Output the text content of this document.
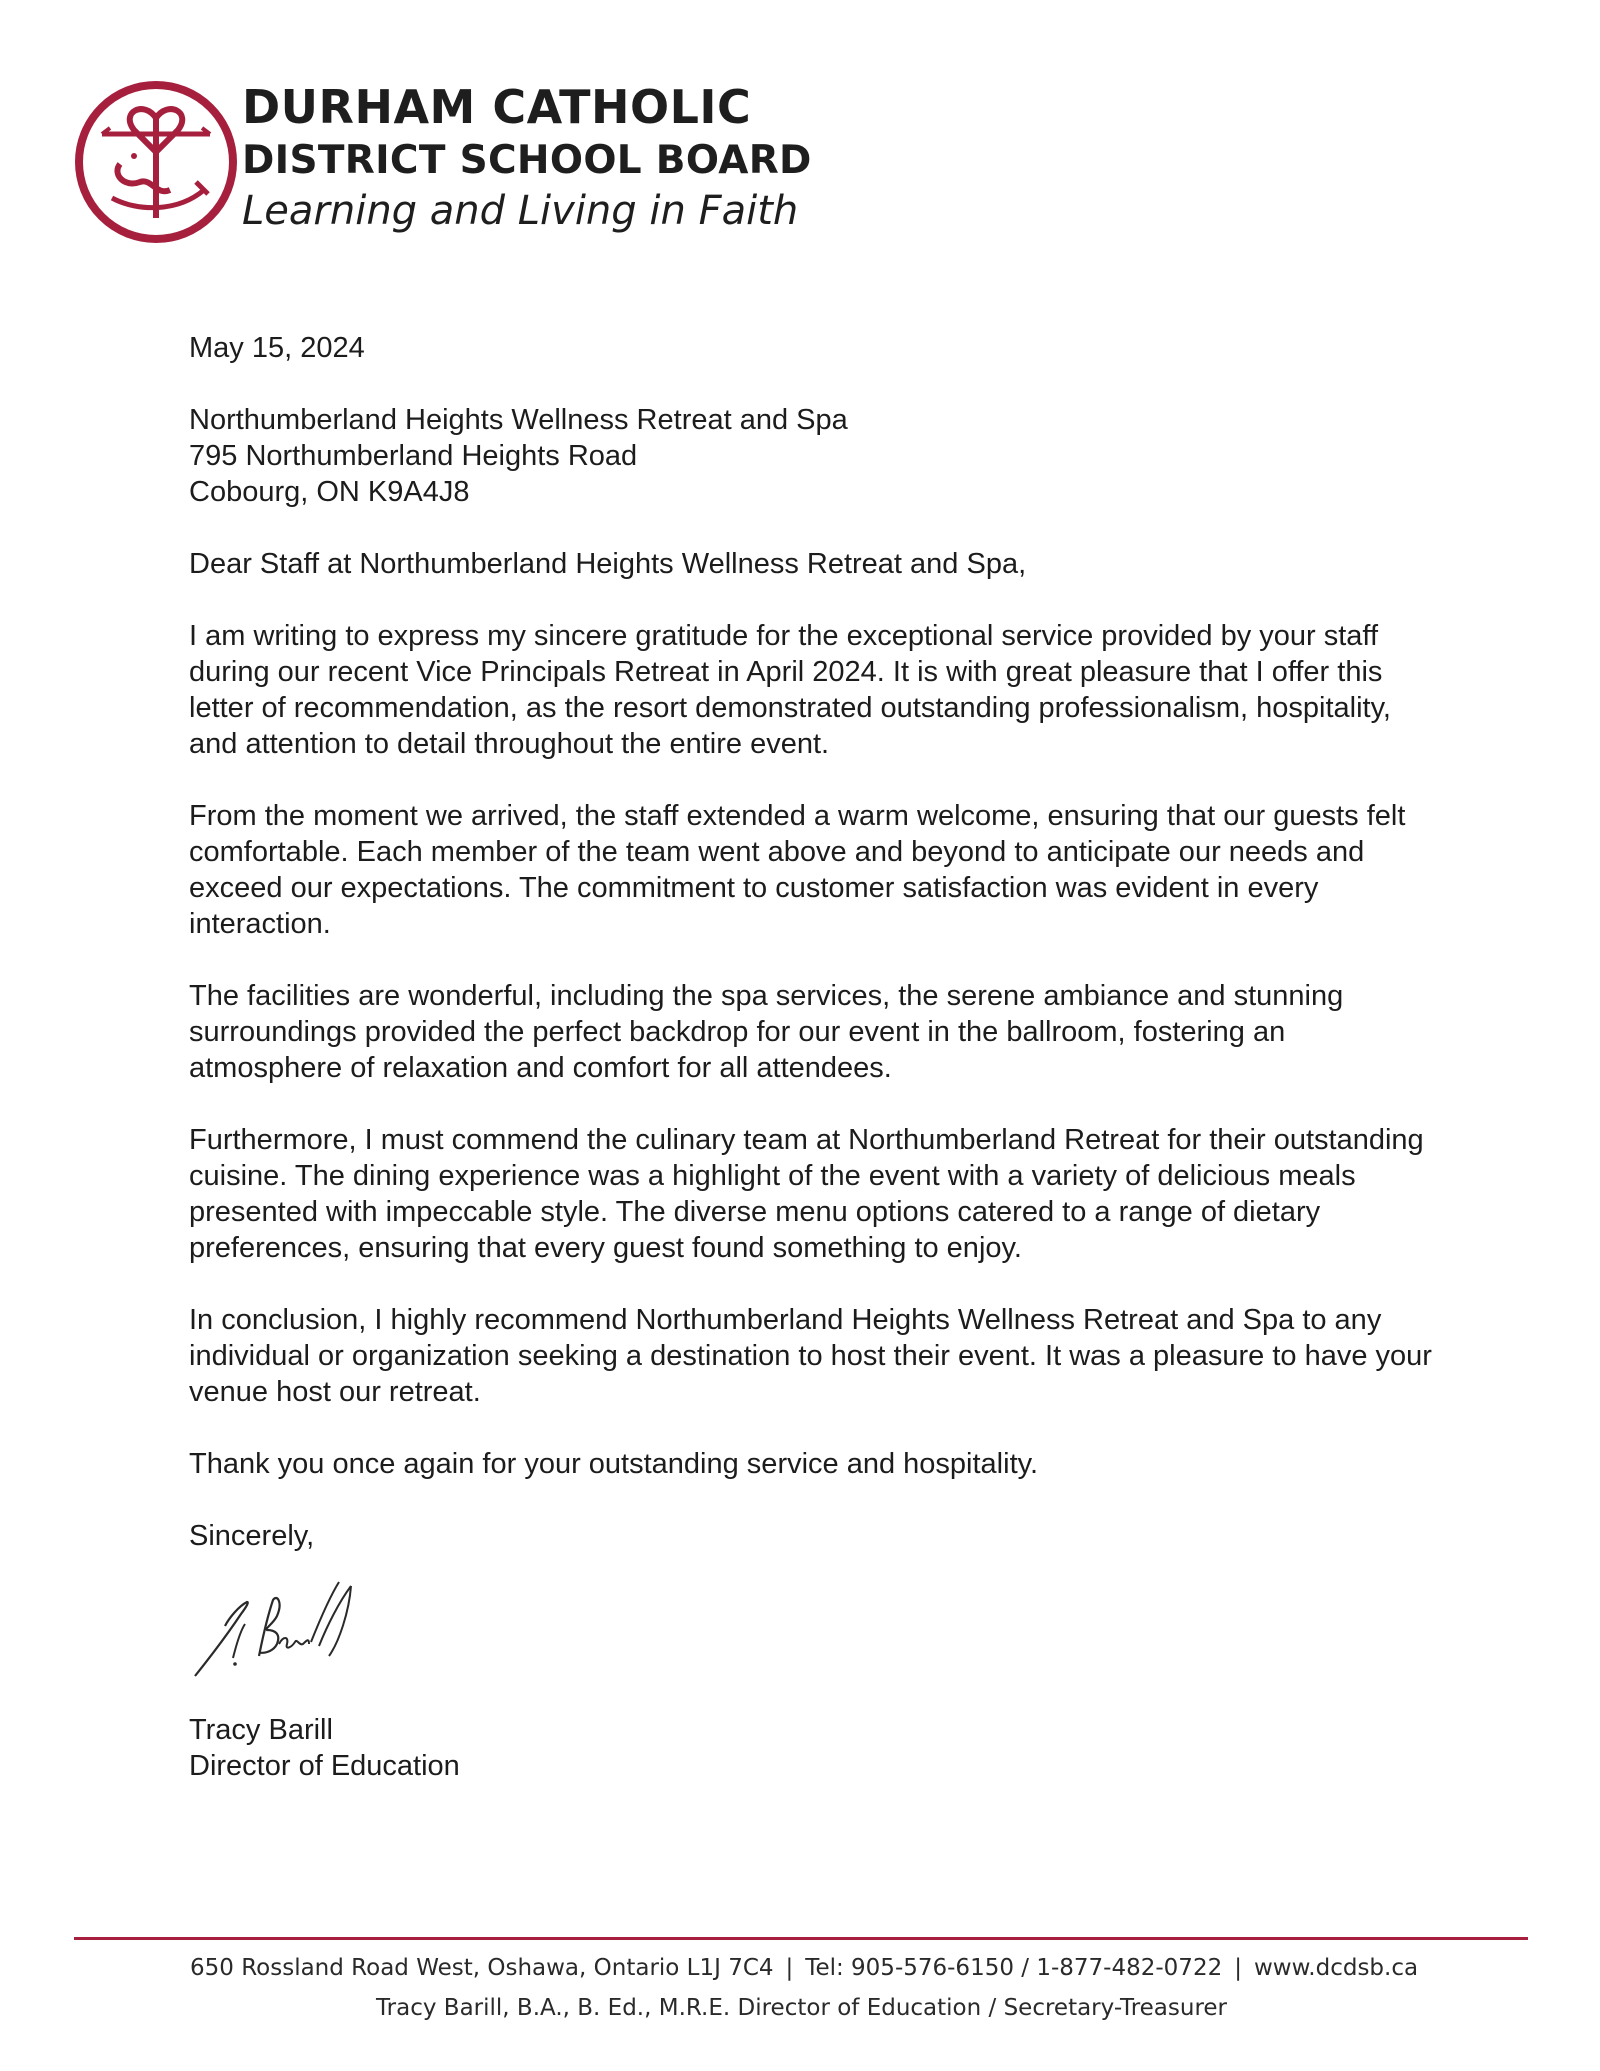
DURHAM CATHOLIC
DISTRICT SCHOOL BOARD
Learning and Living in Faith

May 15, 2024

Northumberland Heights Wellness Retreat and Spa

795 Northumberland Heights Road

Cobourg, ON K9A4J8

Dear Staff at Northumberland Heights Wellness Retreat and Spa,

I am writing to express my sincere gratitude for the exceptional service provided by your staff during our recent Vice Principals Retreat in April 2024. It is with great pleasure that I offer this letter of recommendation, as the resort demonstrated outstanding professionalism, hospitality, and attention to detail throughout the entire event.

From the moment we arrived, the staff extended a warm welcome, ensuring that our guests felt comfortable. Each member of the team went above and beyond to anticipate our needs and exceed our expectations. The commitment to customer satisfaction was evident in every interaction.

The facilities are wonderful, including the spa services, the serene ambiance and stunning surroundings provided the perfect backdrop for our event in the ballroom, fostering an atmosphere of relaxation and comfort for all attendees.

Furthermore, I must commend the culinary team at Northumberland Retreat for their outstanding cuisine. The dining experience was a highlight of the event with a variety of delicious meals presented with impeccable style. The diverse menu options catered to a range of dietary preferences, ensuring that every guest found something to enjoy.

In conclusion, I highly recommend Northumberland Heights Wellness Retreat and Spa to any individual or organization seeking a destination to host their event. It was a pleasure to have your venue host our retreat.

Thank you once again for your outstanding service and hospitality.

Sincerely,

Tracy Barill

Director of Education

650 Rossland Road West, Oshawa, Ontario L1J 7C4 | Tel: 905-576-6150 / 1-877-482-0722 | www.dcdsb.ca
Tracy Barill, B.A., B. Ed., M.R.E. Director of Education / Secretary-Treasurer
